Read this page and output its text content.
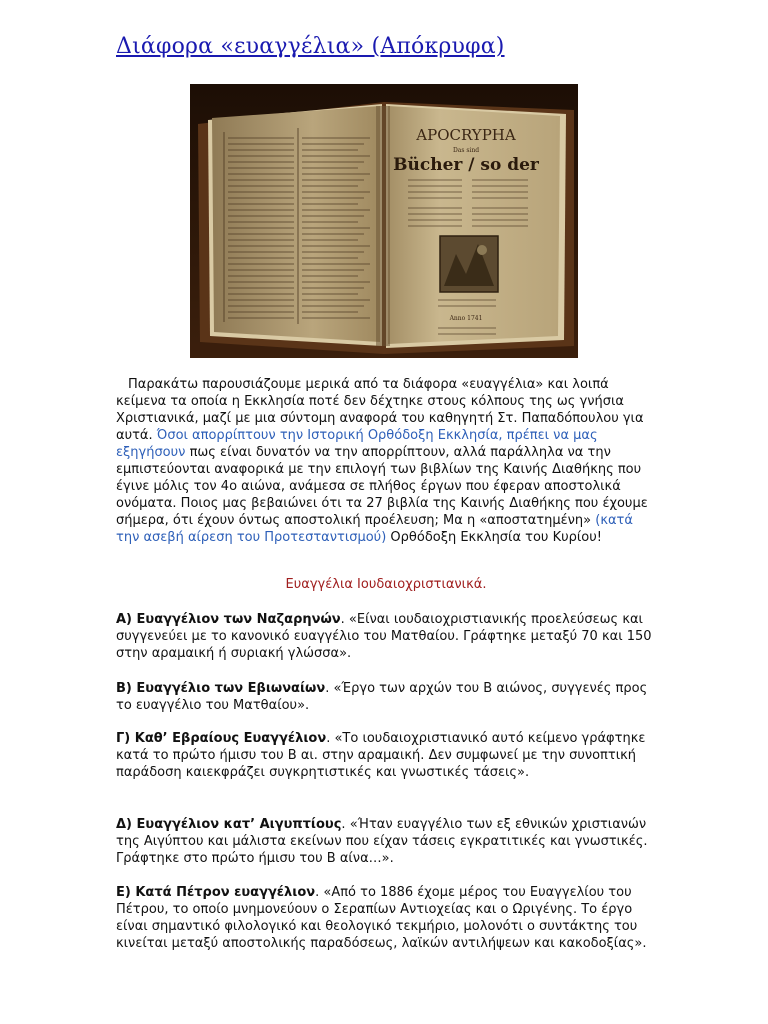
Διάφορα «ευαγγέλια» (Απόκρυφα)
APOCRYPHA
Das sind
Bücher / so der
Anno 1741
Παρακάτω παρουσιάζουμε μερικά από τα διάφορα «ευαγγέλια» και λοιπά κείμενα τα οποία η Εκκλησία ποτέ δεν δέχτηκε στους κόλπους της ως γνήσια Χριστιανικά, μαζί με μια σύντομη αναφορά του καθηγητή Στ. Παπαδόπουλου για αυτά. Όσοι απορρίπτουν την Ιστορική Ορθόδοξη Εκκλησία, πρέπει να μας εξηγήσουν πως είναι δυνατόν να την απορρίπτουν, αλλά παράλληλα να την εμπιστεύονται αναφορικά με την επιλογή των βιβλίων της Καινής Διαθήκης που έγινε μόλις τον 4ο αιώνα, ανάμεσα σε πλήθος έργων που έφεραν αποστολικά ονόματα. Ποιος μας βεβαιώνει ότι τα 27 βιβλία της Καινής Διαθήκης που έχουμε σήμερα, ότι έχουν όντως αποστολική προέλευση; Μα η «αποστατημένη» (κατά την ασεβή αίρεση του Προτεσταντισμού) Ορθόδοξη Εκκλησία του Κυρίου!
Ευαγγέλια Ιουδαιοχριστιανικά.
Α) Ευαγγέλιον των Ναζαρηνών. «Είναι ιουδαιοχριστιανικής προελεύσεως και συγγενεύει με το κανονικό ευαγγέλιο του Ματθαίου. Γράφτηκε μεταξύ 70 και 150 στην αραμαική ή συριακή γλώσσα».
Β) Ευαγγέλιο των Εβιωναίων. «Έργο των αρχών του Β αιώνος, συγγενές προς το ευαγγέλιο του Ματθαίου».
Γ) Καθ’ Εβραίους Ευαγγέλιον. «Το ιουδαιοχριστιανικό αυτό κείμενο γράφτηκε κατά το πρώτο ήμισυ του Β αι. στην αραμαική. Δεν συμφωνεί με την συνοπτική παράδοση καιεκφράζει συγκρητιστικές και γνωστικές τάσεις».
Δ) Ευαγγέλιον κατ’ Αιγυπτίους. «Ήταν ευαγγέλιο των εξ εθνικών χριστιανών της Αιγύπτου και μάλιστα εκείνων που είχαν τάσεις εγκρατιτικές και γνωστικές. Γράφτηκε στο πρώτο ήμισυ του Β αίνα…».
Ε) Κατά Πέτρον ευαγγέλιον. «Από το 1886 έχομε μέρος του Ευαγγελίου του Πέτρου, το οποίο μνημονεύουν ο Σεραπίων Αντιοχείας και ο Ωριγένης. Το έργο είναι σημαντικό φιλολογικό και θεολογικό τεκμήριο, μολονότι ο συντάκτης του κινείται μεταξύ αποστολικής παραδόσεως, λαϊκών αντιλήψεων και κακοδοξίας».
